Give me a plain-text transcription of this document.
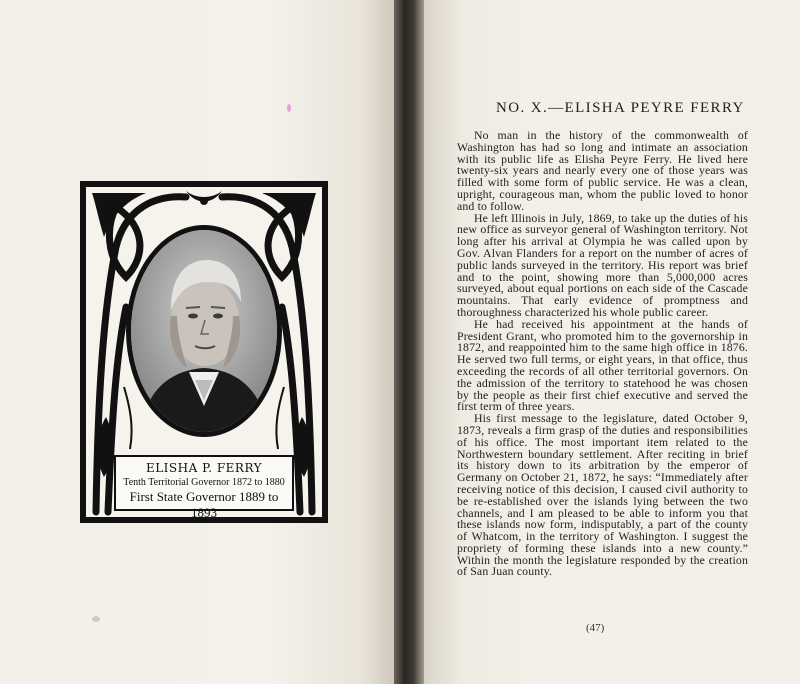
ELISHA P. FERRY
Tenth Territorial Governor 1872 to 1880
First State Governor 1889 to 1893
NO. X.—ELISHA PEYRE FERRY

No man in the history of the commonwealth of Washington has had so long and intimate an association with its public life as Elisha Peyre Ferry. He lived here twenty-six years and nearly every one of those years was filled with some form of public service. He was a clean, upright, courageous man, whom the public loved to honor and to follow.

He left Illinois in July, 1869, to take up the duties of his new office as surveyor general of Washington territory. Not long after his arrival at Olympia he was called upon by Gov. Alvan Flanders for a report on the number of acres of public lands surveyed in the territory. His report was brief and to the point, showing more than 5,000,000 acres surveyed, about equal portions on each side of the Cascade mountains. That early evidence of promptness and thoroughness characterized his whole public career.

He had received his appointment at the hands of President Grant, who promoted him to the governorship in 1872, and reappointed him to the same high office in 1876. He served two full terms, or eight years, in that office, thus exceeding the records of all other territorial governors. On the admission of the territory to statehood he was chosen by the people as their first chief executive and served the first term of three years.

His first message to the legislature, dated October 9, 1873, reveals a firm grasp of the duties and responsibilities of his office. The most important item related to the Northwestern boundary settlement. After reciting in brief its history down to its arbitration by the emperor of Germany on October 21, 1872, he says: “Immediately after receiving notice of this decision, I caused civil authority to be re-established over the islands lying between the two channels, and I am pleased to be able to inform you that these islands now form, indisputably, a part of the county of Whatcom, in the territory of Washington. I suggest the propriety of forming these islands into a new county.” Within the month the legislature responded by the creation of San Juan county.

(47)
